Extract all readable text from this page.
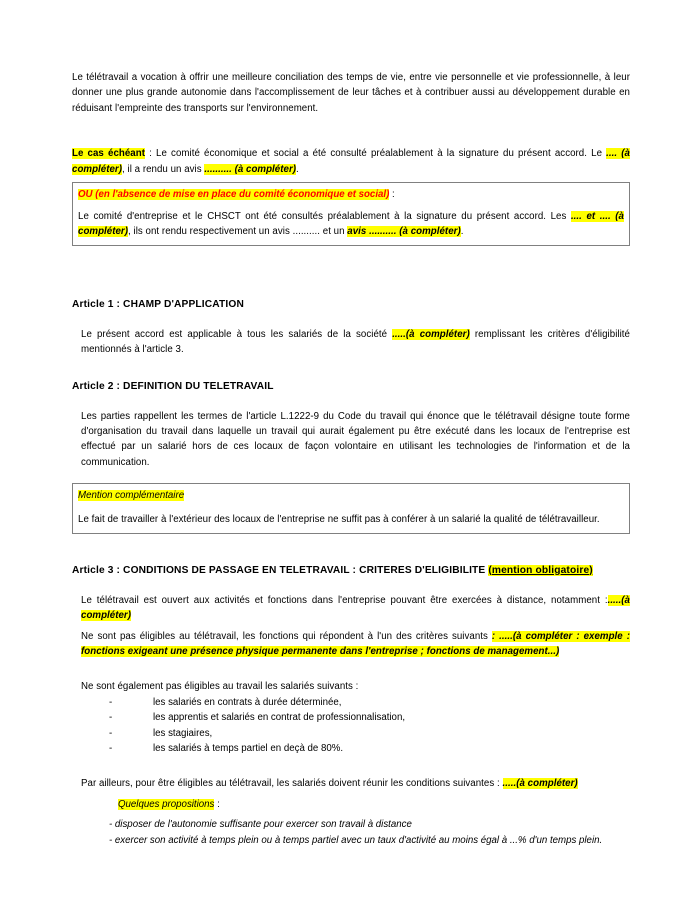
Le télétravail a vocation à offrir une meilleure conciliation des temps de vie, entre vie personnelle et vie professionnelle, à leur donner une plus grande autonomie dans l'accomplissement de leur tâches et à contribuer aussi au développement durable en réduisant l'empreinte des transports sur l'environnement.

Le cas échéant : Le comité économique et social a été consulté préalablement à la signature du présent accord. Le .... (à compléter), il a rendu un avis .......... (à compléter).

OU (en l'absence de mise en place du comité économique et social) :

Le comité d'entreprise et le CHSCT ont été consultés préalablement à la signature du présent accord. Les .... et .... (à compléter), ils ont rendu respectivement un avis .......... et un avis .......... (à compléter).

Article 1 : CHAMP D'APPLICATION

Le présent accord est applicable à tous les salariés de la société .....(à compléter) remplissant les critères d'éligibilité mentionnés à l'article 3.

Article 2 : DEFINITION DU TELETRAVAIL

Les parties rappellent les termes de l'article L.1222-9 du Code du travail qui énonce que le télétravail désigne toute forme d'organisation du travail dans laquelle un travail qui aurait également pu être exécuté dans les locaux de l'entreprise est effectué par un salarié hors de ces locaux de façon volontaire en utilisant les technologies de l'information et de la communication.

Mention complémentaire

Le fait de travailler à l'extérieur des locaux de l'entreprise ne suffit pas à conférer à un salarié la qualité de télétravailleur.

Article 3 : CONDITIONS DE PASSAGE EN TELETRAVAIL : CRITERES D'ELIGIBILITE (mention obligatoire)

Le télétravail est ouvert aux activités et fonctions dans l'entreprise pouvant être exercées à distance, notamment :.....(à compléter)

Ne sont pas éligibles au télétravail, les fonctions qui répondent à l'un des critères suivants : .....(à compléter : exemple : fonctions exigeant une présence physique permanente dans l'entreprise ; fonctions de management...)

Ne sont également pas éligibles au travail les salariés suivants :

-	les salariés en contrats à durée déterminée,
-	les apprentis et salariés en contrat de professionnalisation,
-	les stagiaires,
-	les salariés à temps partiel en deçà de 80%.

Par ailleurs, pour être éligibles au télétravail, les salariés doivent réunir les conditions suivantes : .....(à compléter)

Quelques propositions :

- disposer de l'autonomie suffisante pour exercer son travail à distance

- exercer son activité à temps plein ou à temps partiel avec un taux d'activité au moins égal à ...% d'un temps plein.
